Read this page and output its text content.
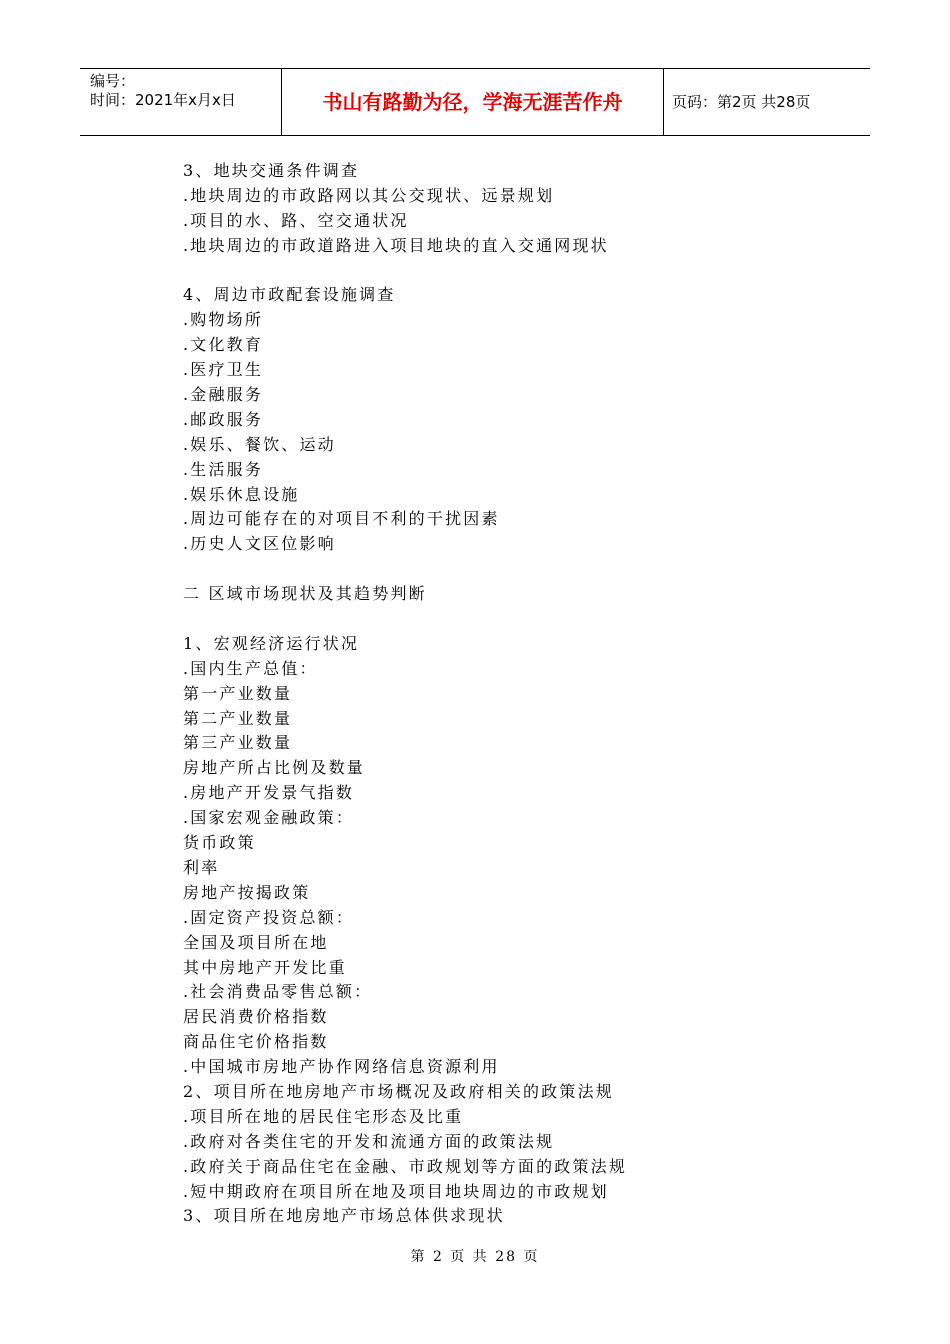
编号：
时间：2021年x月x日	书山有路勤为径，学海无涯苦作舟	页码：第2页 共28页
3、地块交通条件调查
.地块周边的市政路网以其公交现状、远景规划
.项目的水、路、空交通状况
.地块周边的市政道路进入项目地块的直入交通网现状
4、周边市政配套设施调查
.购物场所
.文化教育
.医疗卫生
.金融服务
.邮政服务
.娱乐、餐饮、运动
.生活服务
.娱乐休息设施
.周边可能存在的对项目不利的干扰因素
.历史人文区位影响
二 区域市场现状及其趋势判断
1、宏观经济运行状况
.国内生产总值：
第一产业数量
第二产业数量
第三产业数量
房地产所占比例及数量
.房地产开发景气指数
.国家宏观金融政策：
货币政策
利率
房地产按揭政策
.固定资产投资总额：
全国及项目所在地
其中房地产开发比重
.社会消费品零售总额：
居民消费价格指数
商品住宅价格指数
.中国城市房地产协作网络信息资源利用
2、项目所在地房地产市场概况及政府相关的政策法规
.项目所在地的居民住宅形态及比重
.政府对各类住宅的开发和流通方面的政策法规
.政府关于商品住宅在金融、市政规划等方面的政策法规
.短中期政府在项目所在地及项目地块周边的市政规划
3、项目所在地房地产市场总体供求现状
第 2 页 共 28 页
